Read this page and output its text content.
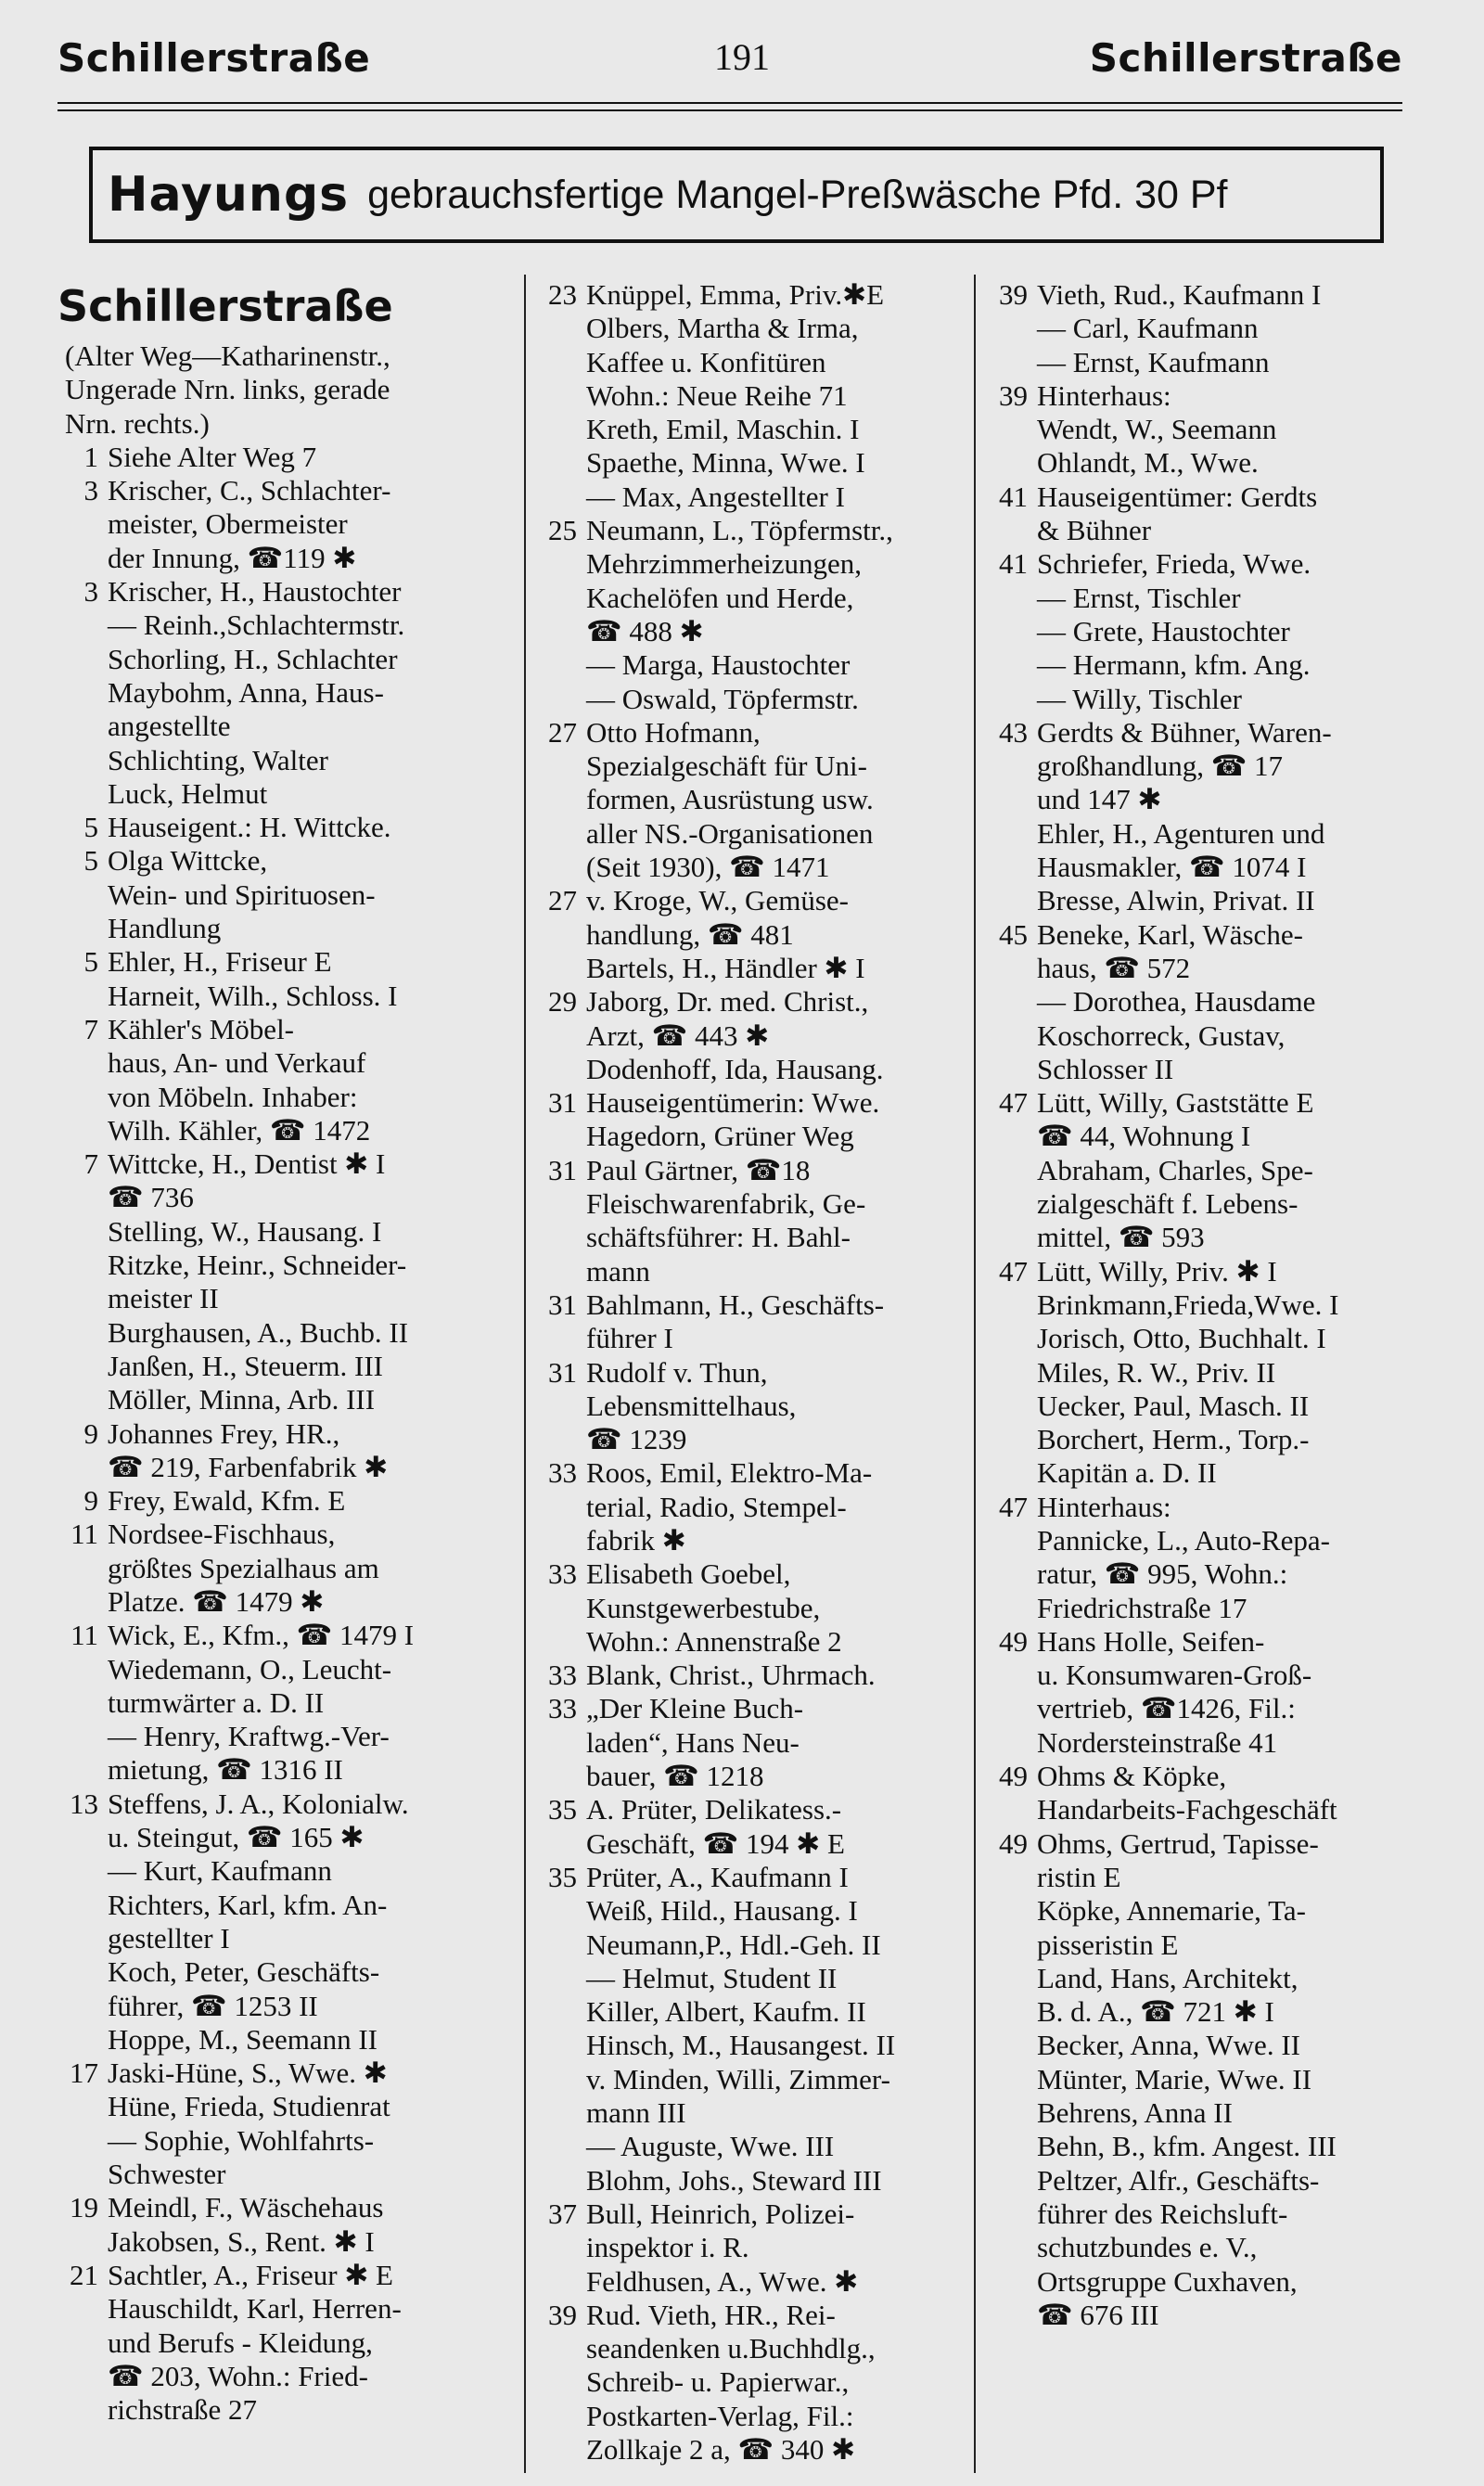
Schillerstraße	191	Schillerstraße
Hayungs gebrauchsfertige Mangel-Preßwäsche Pfd. 30 Pf
Schillerstraße
(Alter Weg—Katharinenstr.,
Ungerade Nrn. links, gerade
Nrn. rechts.)
1 Siehe Alter Weg 7
3 Krischer, C., Schlachter-
meister, Obermeister
der Innung, ☎119 ✱
3 Krischer, H., Haustochter
— Reinh.,Schlachtermstr.
Schorling, H., Schlachter
Maybohm, Anna, Haus-
angestellte
Schlichting, Walter
Luck, Helmut
5 Hauseigent.: H. Wittcke.
5 Olga Wittcke,
Wein- und Spirituosen-
Handlung
5 Ehler, H., Friseur E
Harneit, Wilh., Schloss. I
7 Kähler's Möbel-
haus, An- und Verkauf
von Möbeln. Inhaber:
Wilh. Kähler, ☎ 1472
7 Wittcke, H., Dentist ✱ I
☎ 736
Stelling, W., Hausang. I
Ritzke, Heinr., Schneider-
meister II
Burghausen, A., Buchb. II
Janßen, H., Steuerm. III
Möller, Minna, Arb. III
9 Johannes Frey, HR.,
☎ 219, Farbenfabrik ✱
9 Frey, Ewald, Kfm. E
11 Nordsee-Fischhaus,
größtes Spezialhaus am
Platze. ☎ 1479 ✱
11 Wick, E., Kfm., ☎ 1479 I
Wiedemann, O., Leucht-
turmwärter a. D. II
— Henry, Kraftwg.-Ver-
mietung, ☎ 1316 II
13 Steffens, J. A., Kolonialw.
u. Steingut, ☎ 165 ✱
— Kurt, Kaufmann
Richters, Karl, kfm. An-
gestellter I
Koch, Peter, Geschäfts-
führer, ☎ 1253 II
Hoppe, M., Seemann II
17 Jaski-Hüne, S., Wwe. ✱
Hüne, Frieda, Studienrat
— Sophie, Wohlfahrts-
Schwester
19 Meindl, F., Wäschehaus
Jakobsen, S., Rent. ✱ I
21 Sachtler, A., Friseur ✱ E
Hauschildt, Karl, Herren-
und Berufs - Kleidung,
☎ 203, Wohn.: Fried-
richstraße 27
23 Knüppel, Emma, Priv.✱E
Olbers, Martha & Irma,
Kaffee u. Konfitüren
Wohn.: Neue Reihe 71
Kreth, Emil, Maschin. I
Spaethe, Minna, Wwe. I
— Max, Angestellter I
25 Neumann, L., Töpfermstr.,
Mehrzimmerheizungen,
Kachelöfen und Herde,
☎ 488 ✱
— Marga, Haustochter
— Oswald, Töpfermstr.
27 Otto Hofmann,
Spezialgeschäft für Uni-
formen, Ausrüstung usw.
aller NS.-Organisationen
(Seit 1930), ☎ 1471
27 v. Kroge, W., Gemüse-
handlung, ☎ 481
Bartels, H., Händler ✱ I
29 Jaborg, Dr. med. Christ.,
Arzt, ☎ 443 ✱
Dodenhoff, Ida, Hausang.
31 Hauseigentümerin: Wwe.
Hagedorn, Grüner Weg
31 Paul Gärtner, ☎18
Fleischwarenfabrik, Ge-
schäftsführer: H. Bahl-
mann
31 Bahlmann, H., Geschäfts-
führer I
31 Rudolf v. Thun,
Lebensmittelhaus,
☎ 1239
33 Roos, Emil, Elektro-Ma-
terial, Radio, Stempel-
fabrik ✱
33 Elisabeth Goebel,
Kunstgewerbestube,
Wohn.: Annenstraße 2
33 Blank, Christ., Uhrmach.
33 „Der Kleine Buch-
laden“, Hans Neu-
bauer, ☎ 1218
35 A. Prüter, Delikatess.-
Geschäft, ☎ 194 ✱ E
35 Prüter, A., Kaufmann I
Weiß, Hild., Hausang. I
Neumann,P., Hdl.-Geh. II
— Helmut, Student II
Killer, Albert, Kaufm. II
Hinsch, M., Hausangest. II
v. Minden, Willi, Zimmer-
mann III
— Auguste, Wwe. III
Blohm, Johs., Steward III
37 Bull, Heinrich, Polizei-
inspektor i. R.
Feldhusen, A., Wwe. ✱
39 Rud. Vieth, HR., Rei-
seandenken u.Buchhdlg.,
Schreib- u. Papierwar.,
Postkarten-Verlag, Fil.:
Zollkaje 2 a, ☎ 340 ✱
39 Vieth, Rud., Kaufmann I
— Carl, Kaufmann
— Ernst, Kaufmann
39 Hinterhaus:
Wendt, W., Seemann
Ohlandt, M., Wwe.
41 Hauseigentümer: Gerdts
& Bühner
41 Schriefer, Frieda, Wwe.
— Ernst, Tischler
— Grete, Haustochter
— Hermann, kfm. Ang.
— Willy, Tischler
43 Gerdts & Bühner, Waren-
großhandlung, ☎ 17
und 147 ✱
Ehler, H., Agenturen und
Hausmakler, ☎ 1074 I
Bresse, Alwin, Privat. II
45 Beneke, Karl, Wäsche-
haus, ☎ 572
— Dorothea, Hausdame
Koschorreck, Gustav,
Schlosser II
47 Lütt, Willy, Gaststätte E
☎ 44, Wohnung I
Abraham, Charles, Spe-
zialgeschäft f. Lebens-
mittel, ☎ 593
47 Lütt, Willy, Priv. ✱ I
Brinkmann,Frieda,Wwe. I
Jorisch, Otto, Buchhalt. I
Miles, R. W., Priv. II
Uecker, Paul, Masch. II
Borchert, Herm., Torp.-
Kapitän a. D. II
47 Hinterhaus:
Pannicke, L., Auto-Repa-
ratur, ☎ 995, Wohn.:
Friedrichstraße 17
49 Hans Holle, Seifen-
u. Konsumwaren-Groß-
vertrieb, ☎1426, Fil.:
Nordersteinstraße 41
49 Ohms & Köpke,
Handarbeits-Fachgeschäft
49 Ohms, Gertrud, Tapisse-
ristin E
Köpke, Annemarie, Ta-
pisseristin E
Land, Hans, Architekt,
B. d. A., ☎ 721 ✱ I
Becker, Anna, Wwe. II
Münter, Marie, Wwe. II
Behrens, Anna II
Behn, B., kfm. Angest. III
Peltzer, Alfr., Geschäfts-
führer des Reichsluft-
schutzbundes e. V.,
Ortsgruppe Cuxhaven,
☎ 676 III
